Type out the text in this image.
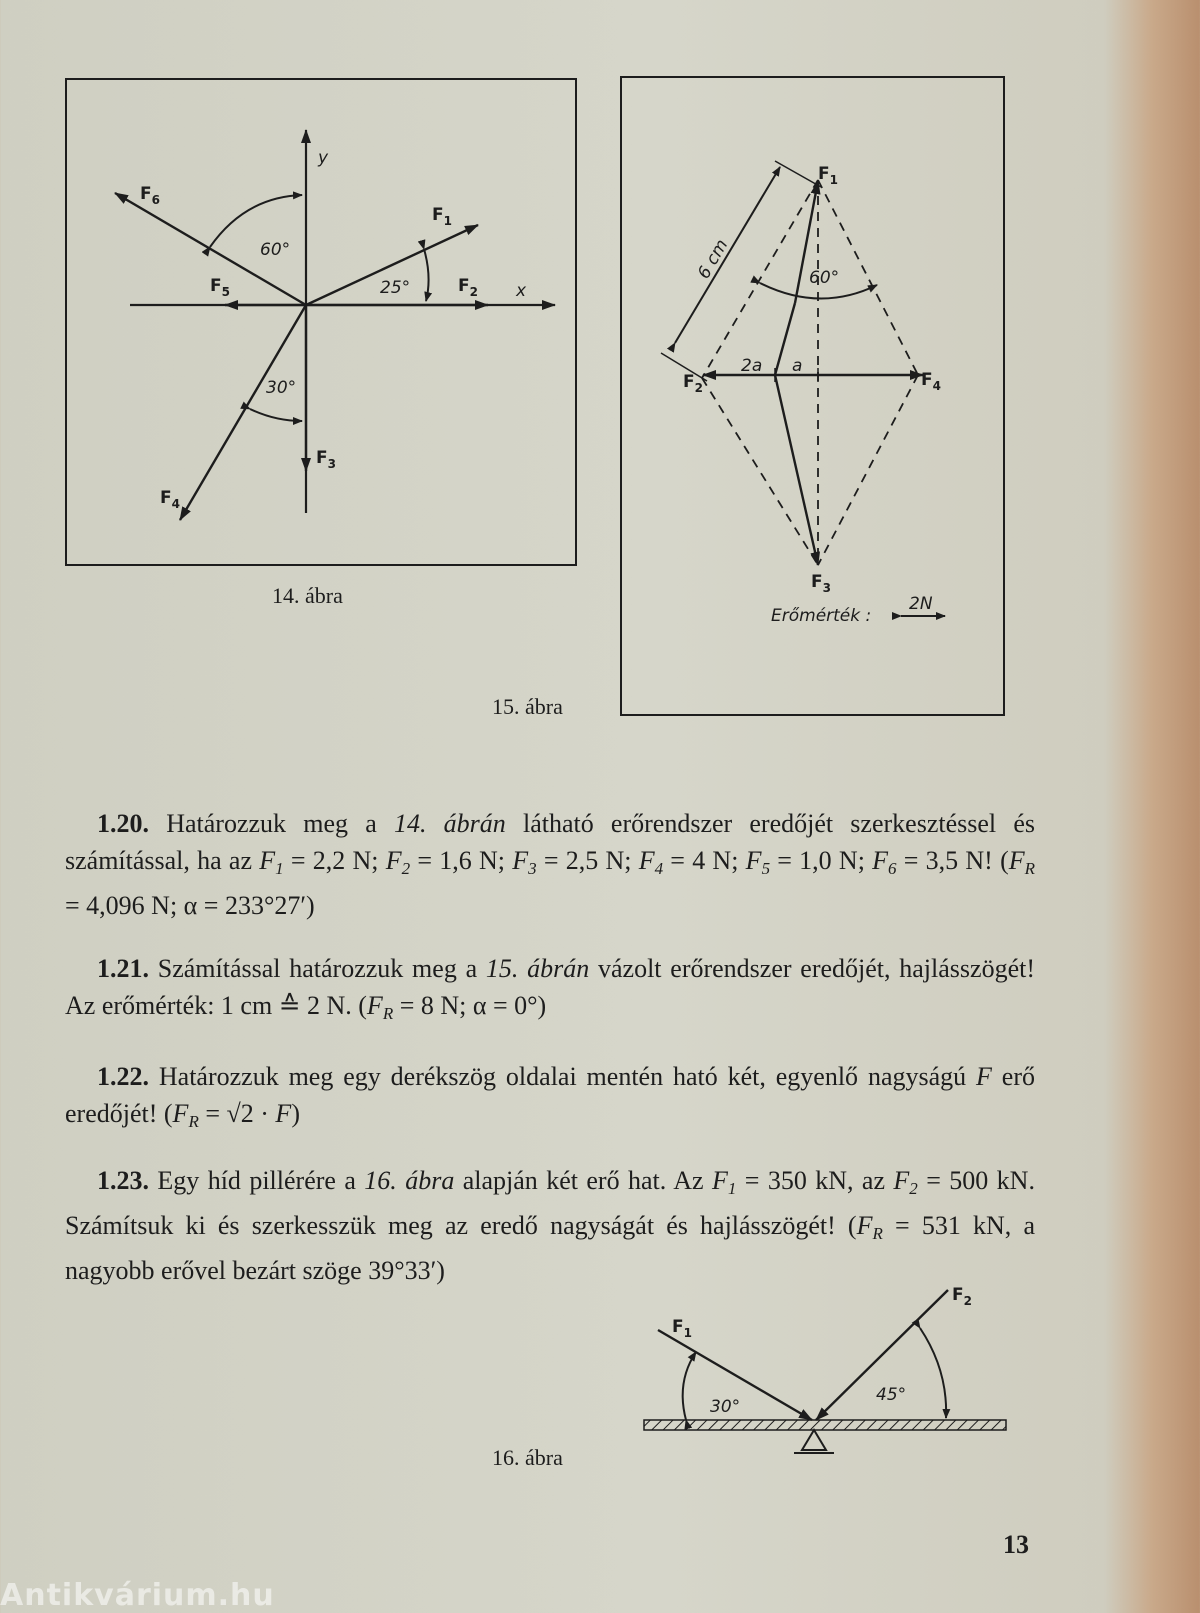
y
x
$F_1$
$F_2$
$F_3$
$F_4$
$F_5$
$F_6$
60°
25°
30°
14. ábra
$F_1$
$F_2$
$F_3$
$F_4$
6 cm	60°
2a a
Erőmérték :
2N
15. ábra
1.20. Határozzuk meg a 14. ábrán látható erőrendszer eredőjét szerkesztéssel és számítással, ha az $F_1 = 2,2$ N; $F_2 = 1,6$ N; $F_3 = 2,5$ N; $F_4 = 4$ N; $F_5 = 1,0$ N; $F_6 = 3,5$ N! ($F_R = 4,096$ N; α = 233°27′)
1.21. Számítással határozzuk meg a 15. ábrán vázolt erőrendszer eredőjét, hajlásszögét! Az erőmérték: 1 cm ≙ 2 N. ($F_R = 8$ N; α = 0°)
1.22. Határozzuk meg egy derékszög oldalai mentén ható két, egyenlő nagyságú F erő eredőjét! $(F_R = √2 \cdot F)$
1.23. Egy híd pillérére a 16. ábra alapján két erő hat. Az $F_1 = 350$ kN, az $F_2 = 500$ kN. Számítsuk ki és szerkesszük meg az eredő nagyságát és hajlásszögét! ($F_R = 531$ kN, a nagyobb erővel bezárt szöge 39°33′)
$F_1$
$F_2$
30°
45°
16. ábra
13
Antikvárium.hu
